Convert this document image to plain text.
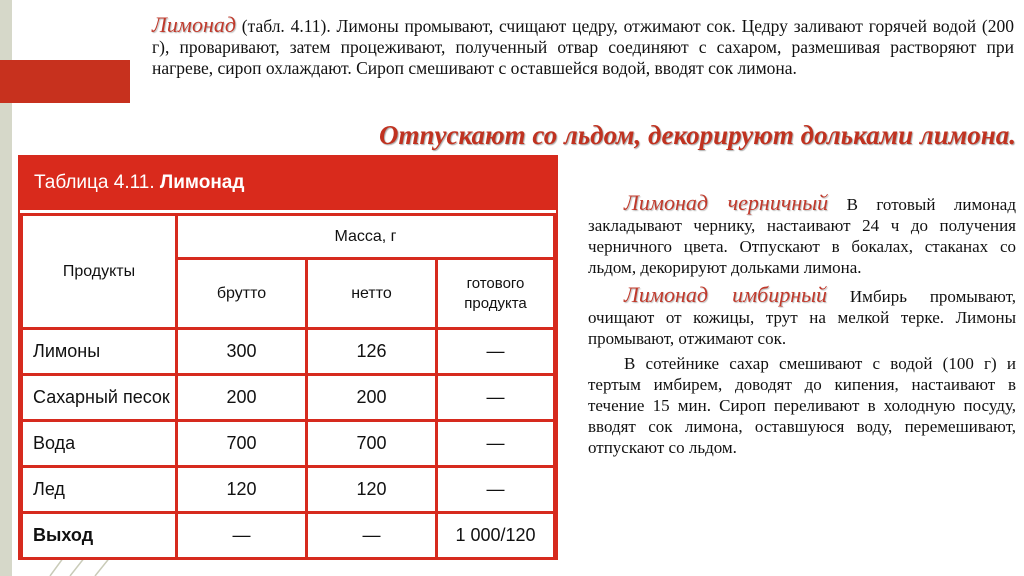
Лимонад (табл. 4.11). Лимоны промывают, счищают цедру, отжимают сок. Цедру заливают горячей водой (200 г), проваривают, затем процеживают, полученный отвар соединяют с сахаром, размешивая растворяют при нагреве, сироп охлаждают. Сироп смешивают с оставшейся водой, вводят сок лимона.
Отпускают со льдом, декорируют дольками лимона.
Таблица 4.11. Лимонад
Продукты	Масса, г		
	брутто	нетто	готового продукта
Лимоны	300	126	—
Сахарный песок	200	200	—
Вода	700	700	—
Лед	120	120	—
Выход	—	—	1 000/120

Лимонад черничный В готовый лимонад закладывают чернику, настаивают 24 ч до получения черничного цвета. Отпускают в бокалах, стаканах со льдом, декорируют дольками лимона.

Лимонад имбирный Имбирь промывают, очищают от кожицы, трут на мелкой терке. Лимоны промывают, отжимают сок.

В сотейнике сахар смешивают с водой (100 г) и тертым имбирем, доводят до кипения, настаивают в течение 15 мин. Сироп переливают в холодную посуду, вводят сок лимона, оставшуюся воду, перемешивают, отпускают со льдом.
